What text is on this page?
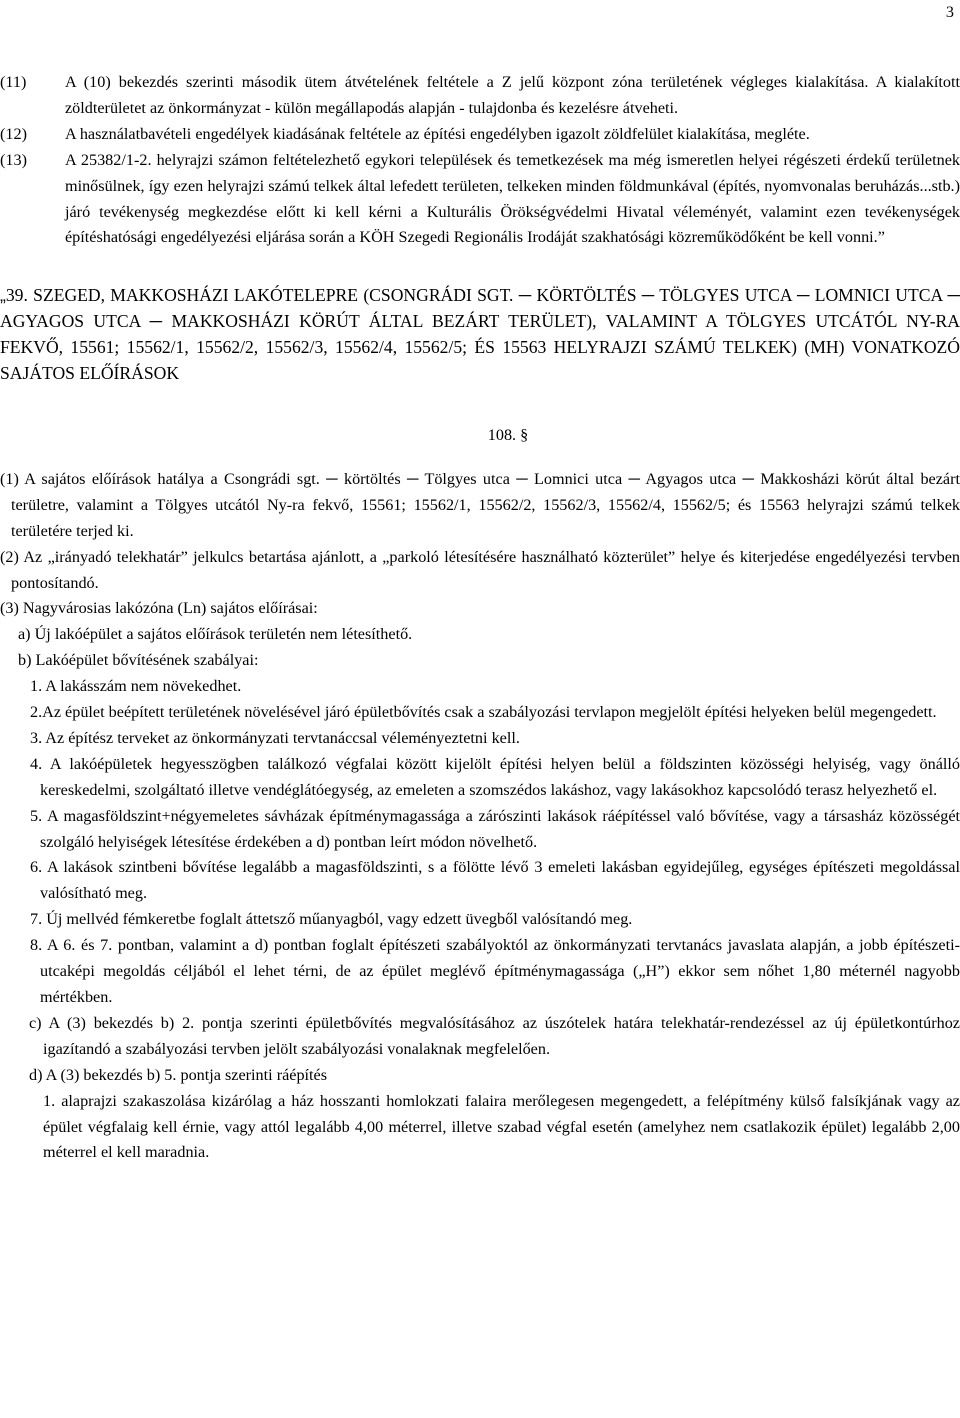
3
(11)	A (10) bekezdés szerinti második ütem átvételének feltétele a Z jelű központ zóna területének végleges kialakítása. A kialakított zöldterületet az önkormányzat - külön megállapodás alapján - tulajdonba és kezelésre átveheti.
(12)	A használatbavételi engedélyek kiadásának feltétele az építési engedélyben igazolt zöldfelület kialakítása, megléte.
(13)	A 25382/1-2. helyrajzi számon feltételezhető egykori települések és temetkezések ma még ismeretlen helyei régészeti érdekű területnek minősülnek, így ezen helyrajzi számú telkek által lefedett területen, telkeken minden földmunkával (építés, nyomvonalas beruházás...stb.) járó tevékenység megkezdése előtt ki kell kérni a Kulturális Örökségvédelmi Hivatal véleményét, valamint ezen tevékenységek építéshatósági engedélyezési eljárása során a KÖH Szegedi Regionális Irodáját szakhatósági közreműködőként be kell vonni.”
„39. SZEGED, MAKKOSHÁZI LAKÓTELEPRE (CSONGRÁDI SGT. ─ KÖRTÖLTÉS ─ TÖLGYES UTCA ─ LOMNICI UTCA ─ AGYAGOS UTCA ─ MAKKOSHÁZI KÖRÚT ÁLTAL BEZÁRT TERÜLET), VALAMINT A TÖLGYES UTCÁTÓL NY-RA FEKVŐ, 15561; 15562/1, 15562/2, 15562/3, 15562/4, 15562/5; ÉS 15563 HELYRAJZI SZÁMÚ TELKEK) (MH) VONATKOZÓ SAJÁTOS ELŐÍRÁSOK
108. §

(1) A sajátos előírások hatálya a Csongrádi sgt. ─ körtöltés ─ Tölgyes utca ─ Lomnici utca ─ Agyagos utca ─ Makkosházi körút által bezárt területre, valamint a Tölgyes utcától Ny-ra fekvő, 15561; 15562/1, 15562/2, 15562/3, 15562/4, 15562/5; és 15563 helyrajzi számú telkek területére terjed ki.

(2) Az „irányadó telekhatár” jelkulcs betartása ajánlott, a „parkoló létesítésére használható közterület” helye és kiterjedése engedélyezési tervben pontosítandó.

(3) Nagyvárosias lakózóna (Ln) sajátos előírásai:

a) Új lakóépület a sajátos előírások területén nem létesíthető.

b) Lakóépület bővítésének szabályai:

1. A lakásszám nem növekedhet.

2.Az épület beépített területének növelésével járó épületbővítés csak a szabályozási tervlapon megjelölt építési helyeken belül megengedett.

3. Az építész terveket az önkormányzati tervtanáccsal véleményeztetni kell.

4. A lakóépületek hegyesszögben találkozó végfalai között kijelölt építési helyen belül a földszinten közösségi helyiség, vagy önálló kereskedelmi, szolgáltató illetve vendéglátóegység, az emeleten a szomszédos lakáshoz, vagy lakásokhoz kapcsolódó terasz helyezhető el.

5. A magasföldszint+négyemeletes sávházak építménymagassága a zárószinti lakások ráépítéssel való bővítése, vagy a társasház közösségét szolgáló helyiségek létesítése érdekében a d) pontban leírt módon növelhető.

6. A lakások szintbeni bővítése legalább a magasföldszinti, s a fölötte lévő 3 emeleti lakásban egyidejűleg, egységes építészeti megoldással valósítható meg.

7. Új mellvéd fémkeretbe foglalt áttetsző műanyagból, vagy edzett üvegből valósítandó meg.

8. A 6. és 7. pontban, valamint a d) pontban foglalt építészeti szabályoktól az önkormányzati tervtanács javaslata alapján, a jobb építészeti-utcaképi megoldás céljából el lehet térni, de az épület meglévő építménymagassága („H”) ekkor sem nőhet 1,80 méternél nagyobb mértékben.

c) A (3) bekezdés b) 2. pontja szerinti épületbővítés megvalósításához az úszótelek határa telekhatár-rendezéssel az új épületkontúrhoz igazítandó a szabályozási tervben jelölt szabályozási vonalaknak megfelelően.

d) A (3) bekezdés b) 5. pontja szerinti ráépítés

1. alaprajzi szakaszolása kizárólag a ház hosszanti homlokzati falaira merőlegesen megengedett, a felépítmény külső falsíkjának vagy az épület végfalaig kell érnie, vagy attól legalább 4,00 méterrel, illetve szabad végfal esetén (amelyhez nem csatlakozik épület) legalább 2,00 méterrel el kell maradnia.
